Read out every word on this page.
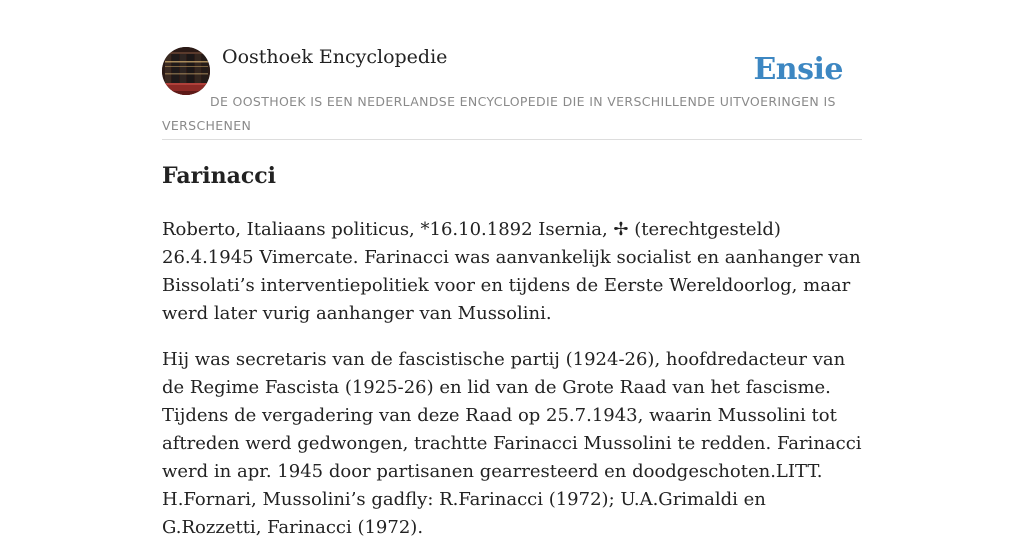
Oosthoek Encyclopedie	Ensie
DE OOSTHOEK IS EEN NEDERLANDSE ENCYCLOPEDIE DIE IN VERSCHILLENDE UITVOERINGEN IS VERSCHENEN
Farinacci

Roberto, Italiaans politicus, *16.10.1892 Isernia, ✢ (terechtgesteld) 26.4.1945 Vimercate. Farinacci was aanvankelijk socialist en aanhanger van Bissolati’s interventiepolitiek voor en tijdens de Eerste Wereldoorlog, maar werd later vurig aanhanger van Mussolini.

Hij was secretaris van de fascistische partij (1924-26), hoofdredacteur van de Regime Fascista (1925-26) en lid van de Grote Raad van het fascisme. Tijdens de vergadering van deze Raad op 25.7.1943, waarin Mussolini tot aftreden werd gedwongen, trachtte Farinacci Mussolini te redden. Farinacci werd in apr. 1945 door partisanen gearresteerd en doodgeschoten.LITT. H.Fornari, Mussolini’s gadfly: R.Farinacci (1972); U.A.Grimaldi en G.Rozzetti, Farinacci (1972).
